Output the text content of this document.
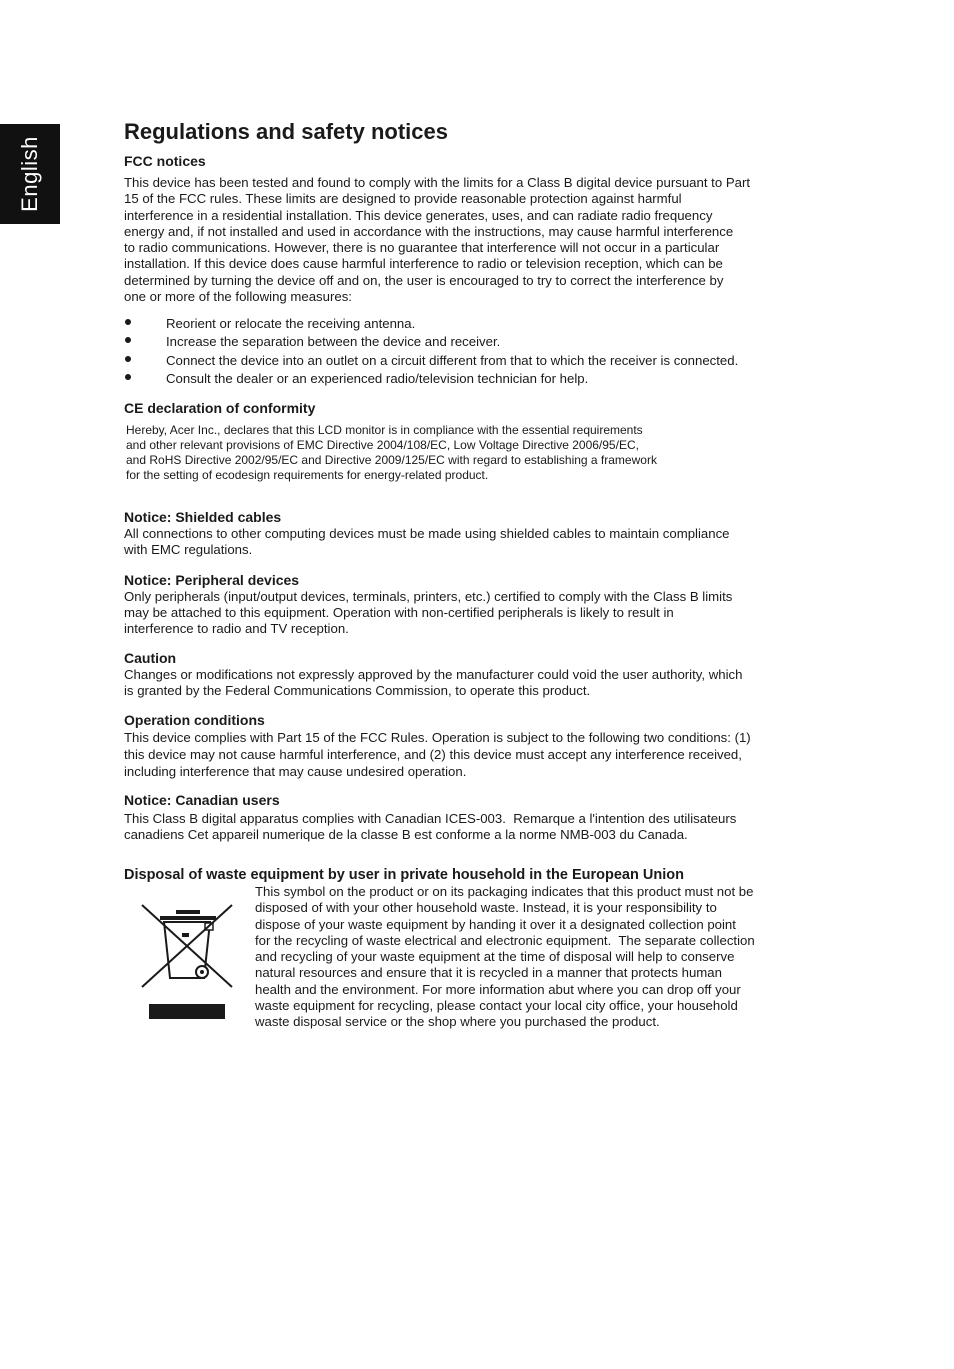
English
Regulations and safety notices
FCC notices
This device has been tested and found to comply with the limits for a Class B digital device pursuant to Part
15 of the FCC rules. These limits are designed to provide reasonable protection against harmful
interference in a residential installation. This device generates, uses, and can radiate radio frequency
energy and, if not installed and used in accordance with the instructions, may cause harmful interference
to radio communications. However, there is no guarantee that interference will not occur in a particular
installation. If this device does cause harmful interference to radio or television reception, which can be
determined by turning the device off and on, the user is encouraged to try to correct the interference by
one or more of the following measures:
Reorient or relocate the receiving antenna.
Increase the separation between the device and receiver.
Connect the device into an outlet on a circuit different from that to which the receiver is connected.
Consult the dealer or an experienced radio/television technician for help.
CE declaration of conformity
Hereby, Acer Inc., declares that this LCD monitor is in compliance with the essential requirements
and other relevant provisions of EMC Directive 2004/108/EC, Low Voltage Directive 2006/95/EC,
and RoHS Directive 2002/95/EC and Directive 2009/125/EC with regard to establishing a framework
for the setting of ecodesign requirements for energy-related product.
Notice: Shielded cables
All connections to other computing devices must be made using shielded cables to maintain compliance
with EMC regulations.
Notice: Peripheral devices
Only peripherals (input/output devices, terminals, printers, etc.) certified to comply with the Class B limits
may be attached to this equipment. Operation with non-certified peripherals is likely to result in
interference to radio and TV reception.
Caution
Changes or modifications not expressly approved by the manufacturer could void the user authority, which
is granted by the Federal Communications Commission, to operate this product.
Operation conditions
This device complies with Part 15 of the FCC Rules. Operation is subject to the following two conditions: (1)
this device may not cause harmful interference, and (2) this device must accept any interference received,
including interference that may cause undesired operation.
Notice: Canadian users
This Class B digital apparatus complies with Canadian ICES-003.  Remarque a l'intention des utilisateurs
canadiens Cet appareil numerique de la classe B est conforme a la norme NMB-003 du Canada.
Disposal of waste equipment by user in private household in the European Union
This symbol on the product or on its packaging indicates that this product must not be
disposed of with your other household waste. Instead, it is your responsibility to
dispose of your waste equipment by handing it over it a designated collection point
for the recycling of waste electrical and electronic equipment.  The separate collection
and recycling of your waste equipment at the time of disposal will help to conserve
natural resources and ensure that it is recycled in a manner that protects human
health and the environment. For more information abut where you can drop off your
waste equipment for recycling, please contact your local city office, your household
waste disposal service or the shop where you purchased the product.
